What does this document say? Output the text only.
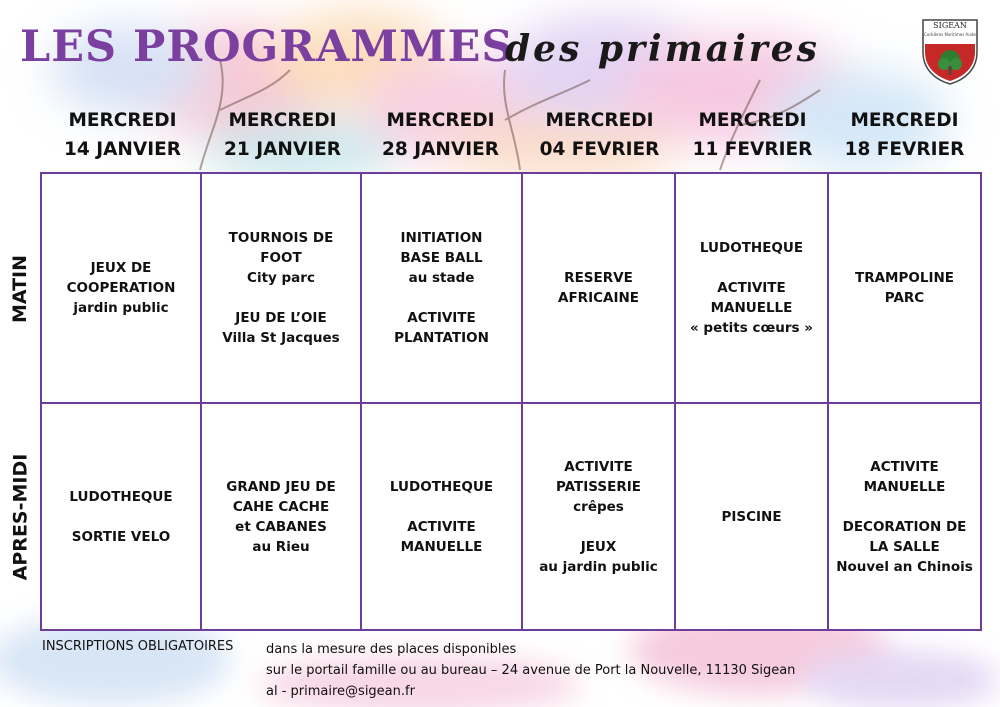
LES PROGRAMMES
des primaires
SIGEAN
Corbières Maritimes Aude
MERCREDI
14 JANVIER
MERCREDI
21 JANVIER
MERCREDI
28 JANVIER
MERCREDI
04 FEVRIER
MERCREDI
11 FEVRIER
MERCREDI
18 FEVRIER
MATIN
APRES-MIDI
JEUX DE
COOPERATION
jardin public
TOURNOIS DE
FOOT
City parc
JEU DE L’OIE
Villa St Jacques
INITIATION
BASE BALL
au stade
ACTIVITE
PLANTATION
RESERVE
AFRICAINE
LUDOTHEQUE
ACTIVITE
MANUELLE
« petits cœurs »
TRAMPOLINE
PARC
LUDOTHEQUE
SORTIE VELO
GRAND JEU DE
CAHE CACHE
et CABANES
au Rieu
LUDOTHEQUE
ACTIVITE
MANUELLE
ACTIVITE
PATISSERIE
crêpes
JEUX
au jardin public
PISCINE
ACTIVITE
MANUELLE
DECORATION DE
LA SALLE
Nouvel an Chinois
INSCRIPTIONS OBLIGATOIRES	dans la mesure des places disponibles
sur le portail famille ou au bureau – 24 avenue de Port la Nouvelle, 11130 Sigean
al - primaire@sigean.fr
